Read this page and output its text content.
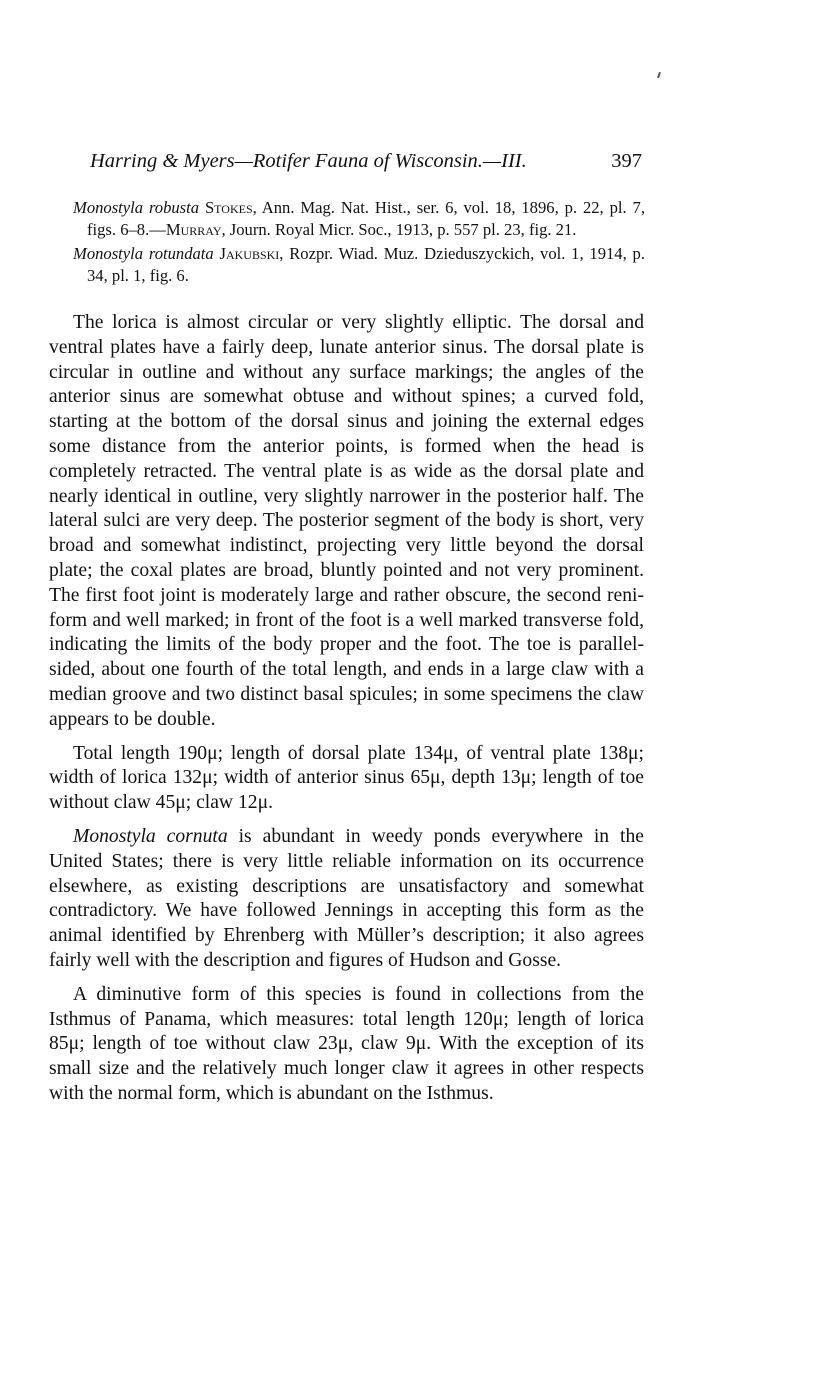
Harring & Myers—Rotifer Fauna of Wisconsin.—III.	397

Monostyla robusta Stokes, Ann. Mag. Nat. Hist., ser. 6, vol. 18, 1896, p. 22, pl. 7, figs. 6–8.—Murray, Journ. Royal Micr. Soc., 1913, p. 557 pl. 23, fig. 21.

Monostyla rotundata Jakubski, Rozpr. Wiad. Muz. Dzieduszyckich, vol. 1, 1914, p. 34, pl. 1, fig. 6.

The lorica is almost circular or very slightly elliptic. The dorsal and ventral plates have a fairly deep, lunate anterior sinus. The dorsal plate is circular in outline and without any surface markings; the angles of the anterior sinus are somewhat obtuse and without spines; a curved fold, starting at the bottom of the dorsal sinus and joining the external edges some distance from the anterior points, is formed when the head is completely retracted. The ventral plate is as wide as the dorsal plate and nearly identical in outline, very slightly narrower in the posterior half. The lateral sulci are very deep. The posterior segment of the body is short, very broad and somewhat indistinct, projecting very little beyond the dorsal plate; the coxal plates are broad, bluntly pointed and not very prominent. The first foot joint is moderately large and rather obscure, the second reniform and well marked; in front of the foot is a well marked transverse fold, indicating the limits of the body proper and the foot. The toe is parallel-sided, about one fourth of the total length, and ends in a large claw with a median groove and two distinct basal spicules; in some specimens the claw appears to be double.

Total length 190μ; length of dorsal plate 134μ, of ventral plate 138μ; width of lorica 132μ; width of anterior sinus 65μ, depth 13μ; length of toe without claw 45μ; claw 12μ.

Monostyla cornuta is abundant in weedy ponds everywhere in the United States; there is very little reliable information on its occurrence elsewhere, as existing descriptions are unsatisfactory and somewhat contradictory. We have followed Jennings in accepting this form as the animal identified by Ehrenberg with Müller’s description; it also agrees fairly well with the description and figures of Hudson and Gosse.

A diminutive form of this species is found in collections from the Isthmus of Panama, which measures: total length 120μ; length of lorica 85μ; length of toe without claw 23μ, claw 9μ. With the exception of its small size and the relatively much longer claw it agrees in other respects with the normal form, which is abundant on the Isthmus.
